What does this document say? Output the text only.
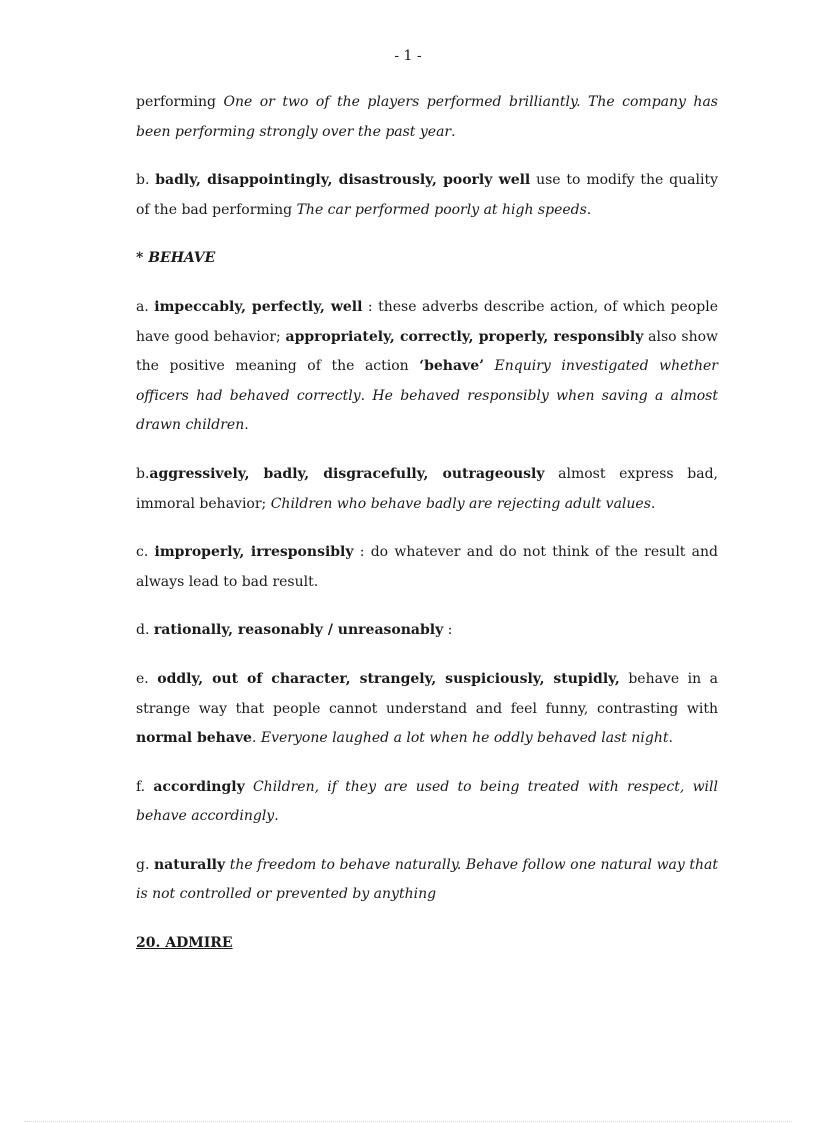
- 1 -

performing One or two of the players performed brilliantly. The company has been performing strongly over the past year.

b. badly, disappointingly, disastrously, poorly well use to modify the quality of the bad performing The car performed poorly at high speeds.

* BEHAVE

a. impeccably, perfectly, well : these adverbs describe action, of which people have good behavior; appropriately, correctly, properly, responsibly also show the positive meaning of the action ‘behave’ Enquiry investigated whether officers had behaved correctly. He behaved responsibly when saving a almost drawn children.

b.aggressively, badly, disgracefully, outrageously almost express bad, immoral behavior; Children who behave badly are rejecting adult values.

c. improperly, irresponsibly : do whatever and do not think of the result and always lead to bad result.

d. rationally, reasonably / unreasonably :

e. oddly, out of character, strangely, suspiciously, stupidly, behave in a strange way that people cannot understand and feel funny, contrasting with normal behave. Everyone laughed a lot when he oddly behaved last night.

f. accordingly Children, if they are used to being treated with respect, will behave accordingly.

g. naturally the freedom to behave naturally. Behave follow one natural way that is not controlled or prevented by anything

20. ADMIRE
